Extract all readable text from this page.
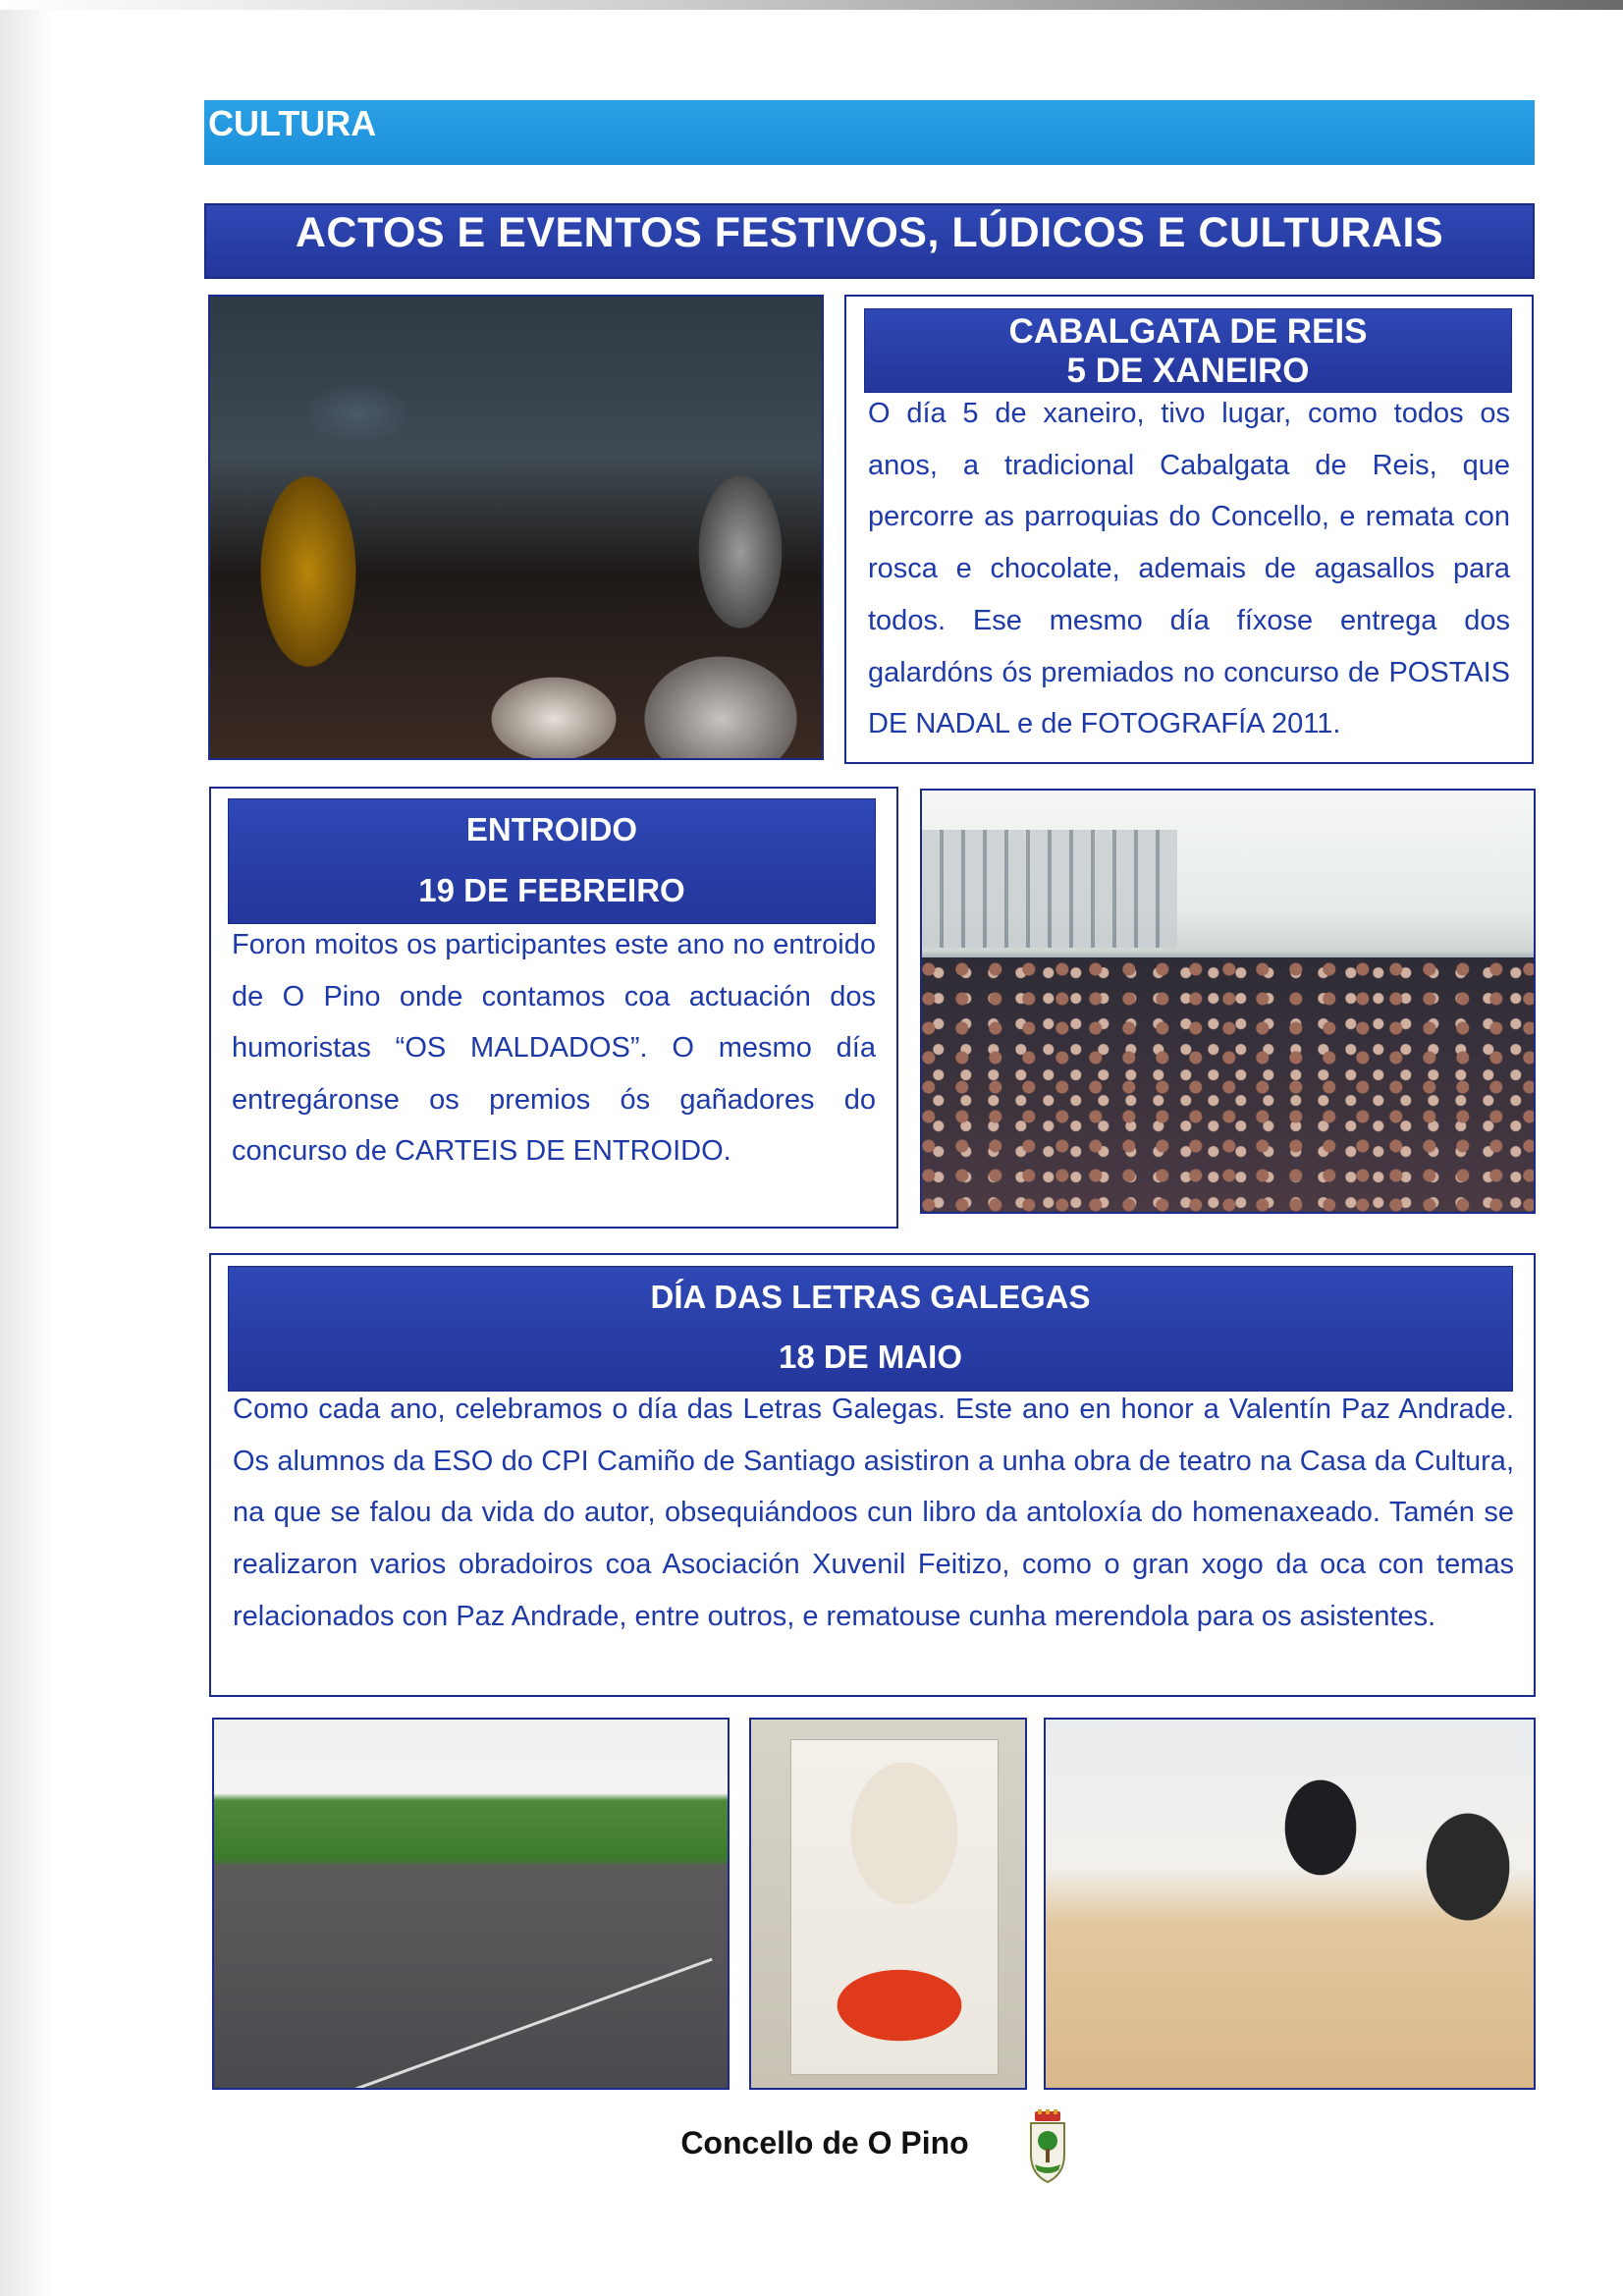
CULTURA
ACTOS E EVENTOS FESTIVOS, LÚDICOS E CULTURAIS
CABALGATA DE REIS
5 DE XANEIRO

O día 5 de xaneiro, tivo lugar, como todos os anos, a tradicional Cabalgata de Reis, que percorre as parroquias do Concello, e remata con rosca e chocolate, ademais de agasallos para todos. Ese mesmo día fíxose entrega dos galardóns ós premiados no concurso de POSTAIS DE NADAL e de FOTOGRAFÍA 2011.

ENTROIDO
19 DE FEBREIRO

Foron moitos os participantes este ano no entroido de O Pino onde contamos coa actuación dos humoristas “OS MALDADOS”. O mesmo día entregáronse os premios ós gañadores do concurso de CARTEIS DE ENTROIDO.

DÍA DAS LETRAS GALEGAS
18 DE MAIO

Como cada ano, celebramos o día das Letras Galegas. Este ano en honor a Valentín Paz Andrade. Os alumnos da ESO do CPI Camiño de Santiago asistiron a unha obra de teatro na Casa da Cultura, na que se falou da vida do autor, obsequiándoos cun libro da antoloxía do homenaxeado. Tamén se realizaron varios obradoiros coa Asociación Xuvenil Feitizo, como o gran xogo da oca con temas relacionados con Paz Andrade, entre outros, e rematouse cunha merendola para os asistentes.

Concello de O Pino
